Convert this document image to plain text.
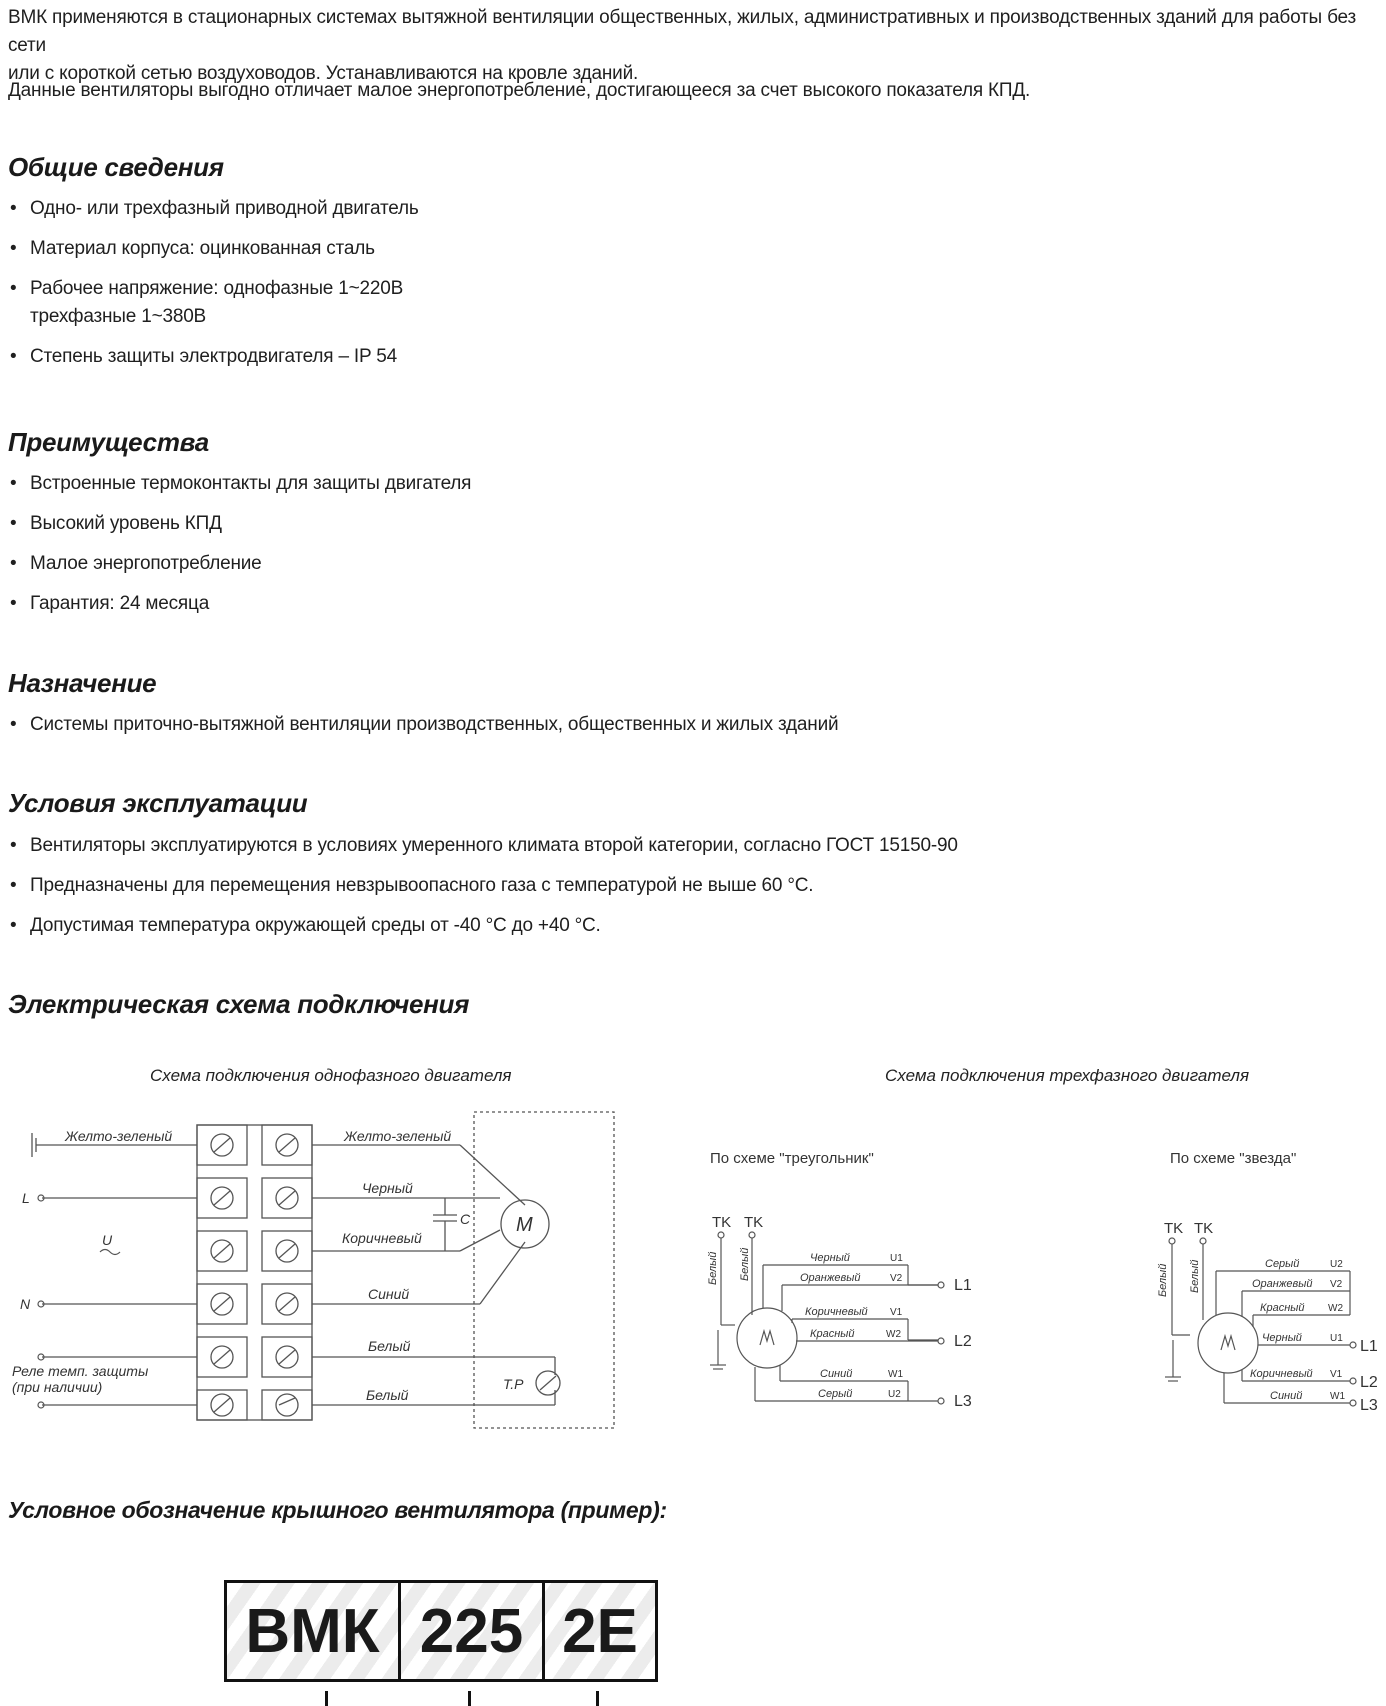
ВМК применяются в стационарных системах вытяжной вентиляции общественных, жилых, административных и производственных зданий для работы без сети
или с короткой сетью воздуховодов. Устанавливаются на кровле зданий.
Данные вентиляторы выгодно отличает малое энергопотребление, достигающееся за счет высокого показателя КПД.
Общие сведения
• Одно- или трехфазный приводной двигатель
• Материал корпуса: оцинкованная сталь
• Рабочее напряжение: однофазные 1~220В
трехфазные 1~380В
• Степень защиты электродвигателя – IP 54
Преимущества
• Встроенные термоконтакты для защиты двигателя
• Высокий уровень КПД
• Малое энергопотребление
• Гарантия: 24 месяца
Назначение
• Системы приточно-вытяжной вентиляции производственных, общественных и жилых зданий
Условия эксплуатации
• Вентиляторы эксплуатируются в условиях умеренного климата второй категории, согласно ГОСТ 15150-90
• Предназначены для перемещения невзрывоопасного газа с температурой не выше 60 °С.
• Допустимая температура окружающей среды от -40 °С до +40 °С.
Электрическая схема подключения
Схема подключения однофазного двигателя	Схема подключения трехфазного двигателя
Желто-зеленый
L
U
N
Реле темп. защиты
(при наличии)
Желто-зеленый
Черный
Коричневый
Синий
Белый
Белый
C M
T.P
По схеме "треугольник"
TK TK
Белый Белый	Черный
Оранжевый
Коричневый
Красный
Синий
Серый
U1
V2
V1
W2
W1
U2
L1
L2
L3
По схеме "звезда"
TK TK
Белый Белый	Серый
Оранжевый
Красный
Черный
Коричневый
Синий
U2
V2
W2
U1
V1
W1
L1
L2
L3
Условное обозначение крышного вентилятора (пример):
ВМК 225 2Е
